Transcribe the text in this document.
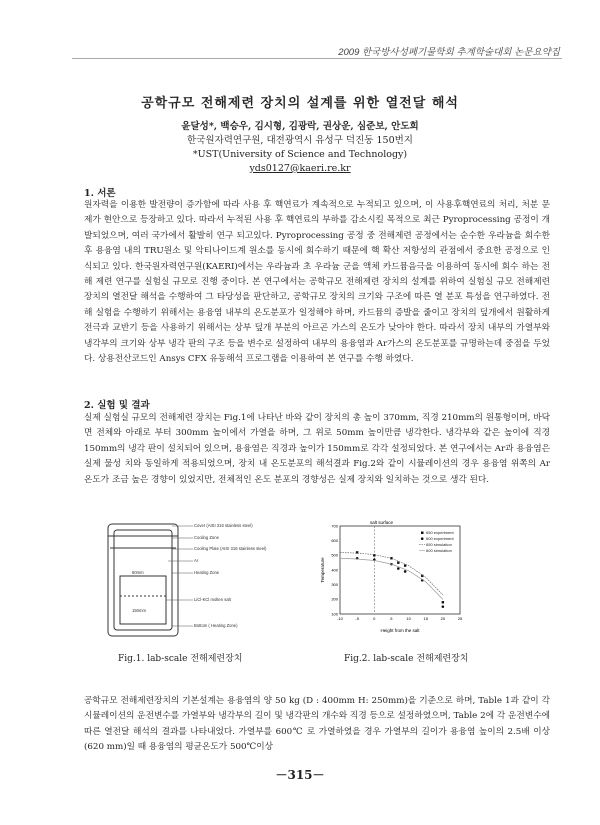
2009 한국방사성폐기물학회 추계학술대회 논문요약집
공학규모 전해제련 장치의 설계를 위한 열전달 해석
윤달성*, 백승우, 김시형, 김광락, 권상운, 심준보, 안도희
한국원자력연구원, 대전광역시 유성구 덕진동 150번지
*UST(University of Science and Technology)
yds0127@kaeri.re.kr
1. 서론

원자력을 이용한 발전량이 증가함에 따라 사용 후 핵연료가 계속적으로 누적되고 있으며, 이 사용후핵연료의 처리, 처분 문제가 현안으로 등장하고 있다. 따라서 누적된 사용 후 핵연료의 부하를 감소시킬 목적으로 최근 Pyroprocessing 공정이 개발되었으며, 여러 국가에서 활발히 연구 되고있다. Pyroprocessing 공정 중 전해제련 공정에서는 순수한 우라늄을 회수한 후 용융염 내의 TRU원소 및 악티나이드계 원소를 동시에 회수하기 때문에 핵 확산 저항성의 관점에서 중요한 공정으로 인식되고 있다. 한국원자력연구원(KAERI)에서는 우라늄과 초 우라늄 군을 액체 카드뮴음극을 이용하여 동시에 회수 하는 전해 제련 연구를 실험실 규모로 진행 중이다. 본 연구에서는 공학규모 전해제련 장치의 설계를 위하여 실험실 규모 전해제련 장치의 열전달 해석을 수행하여 그 타당성을 판단하고, 공학규모 장치의 크기와 구조에 따른 열 분포 특성을 연구하였다. 전해 실험을 수행하기 위해서는 용융염 내부의 온도분포가 일정해야 하며, 카드뮴의 증발을 줄이고 장치의 덮개에서 원활하게 전극과 교반기 등을 사용하기 위해서는 상부 덮개 부분의 아르곤 가스의 온도가 낮아야 한다. 따라서 장치 내부의 가열부와 냉각부의 크기와 상부 냉각 판의 구조 등을 변수로 설정하여 내부의 용융염과 Ar가스의 온도분포를 규명하는데 중점을 두었다. 상용전산코드인 Ansys CFX 유동해석 프로그램을 이용하여 본 연구를 수행 하였다.

2. 실험 및 결과

실제 실험실 규모의 전해제련 장치는 Fig.1에 나타난 바와 같이 장치의 총 높이 370mm, 직경 210mm의 원통형이며, 바닥 면 전체와 아래로 부터 300mm 높이에서 가열을 하며, 그 위로 50mm 높이만큼 냉각한다. 냉각부와 같은 높이에 직경 150mm의 냉각 판이 설치되어 있으며, 용융염은 직경과 높이가 150mm로 각각 설정되었다. 본 연구에서는 Ar과 용융염은 실제 물성 치와 동일하게 적용되었으며, 장치 내 온도분포의 해석결과 Fig.2와 같이 시뮬레이션의 경우 용융염 위쪽의 Ar 온도가 조금 높은 경향이 있었지만, 전체적인 온도 분포의 경향성은 실제 장치와 일치하는 것으로 생각 된다.

Cover (AISI 316 stainless steel)
Cooling Zone
Cooling Plate (AISI 316 stainless steel)
Ar
Heating Zone
LiCl-KCl molten salt
Bottom ( Heating Zone)
60mm
150mm
Fig.1. lab-scale 전해제련장치
salt surface
-10	-5	0	5	10	15	20	25
100
200
300
400
500
600
700
Height from the salt
Temperature
650 experiment
600 experiment
650 simulation
600 simulation
Fig.2. lab-scale 전해제련장치

공학규모 전해제련장치의 기본설계는 용융염의 양 50 kg (D : 400mm H: 250mm)을 기준으로 하며, Table 1과 같이 각 시뮬레이션의 운전변수를 가열부와 냉각부의 길이 및 냉각판의 개수와 직경 등으로 설정하였으며, Table 2에 각 운전변수에 따른 열전달 해석의 결과를 나타내었다. 가열부를 600℃ 로 가열하였을 경우 가열부의 길이가 용융염 높이의 2.5배 이상(620 mm)일 때 용융염의 평균온도가 500℃이상

－315－
